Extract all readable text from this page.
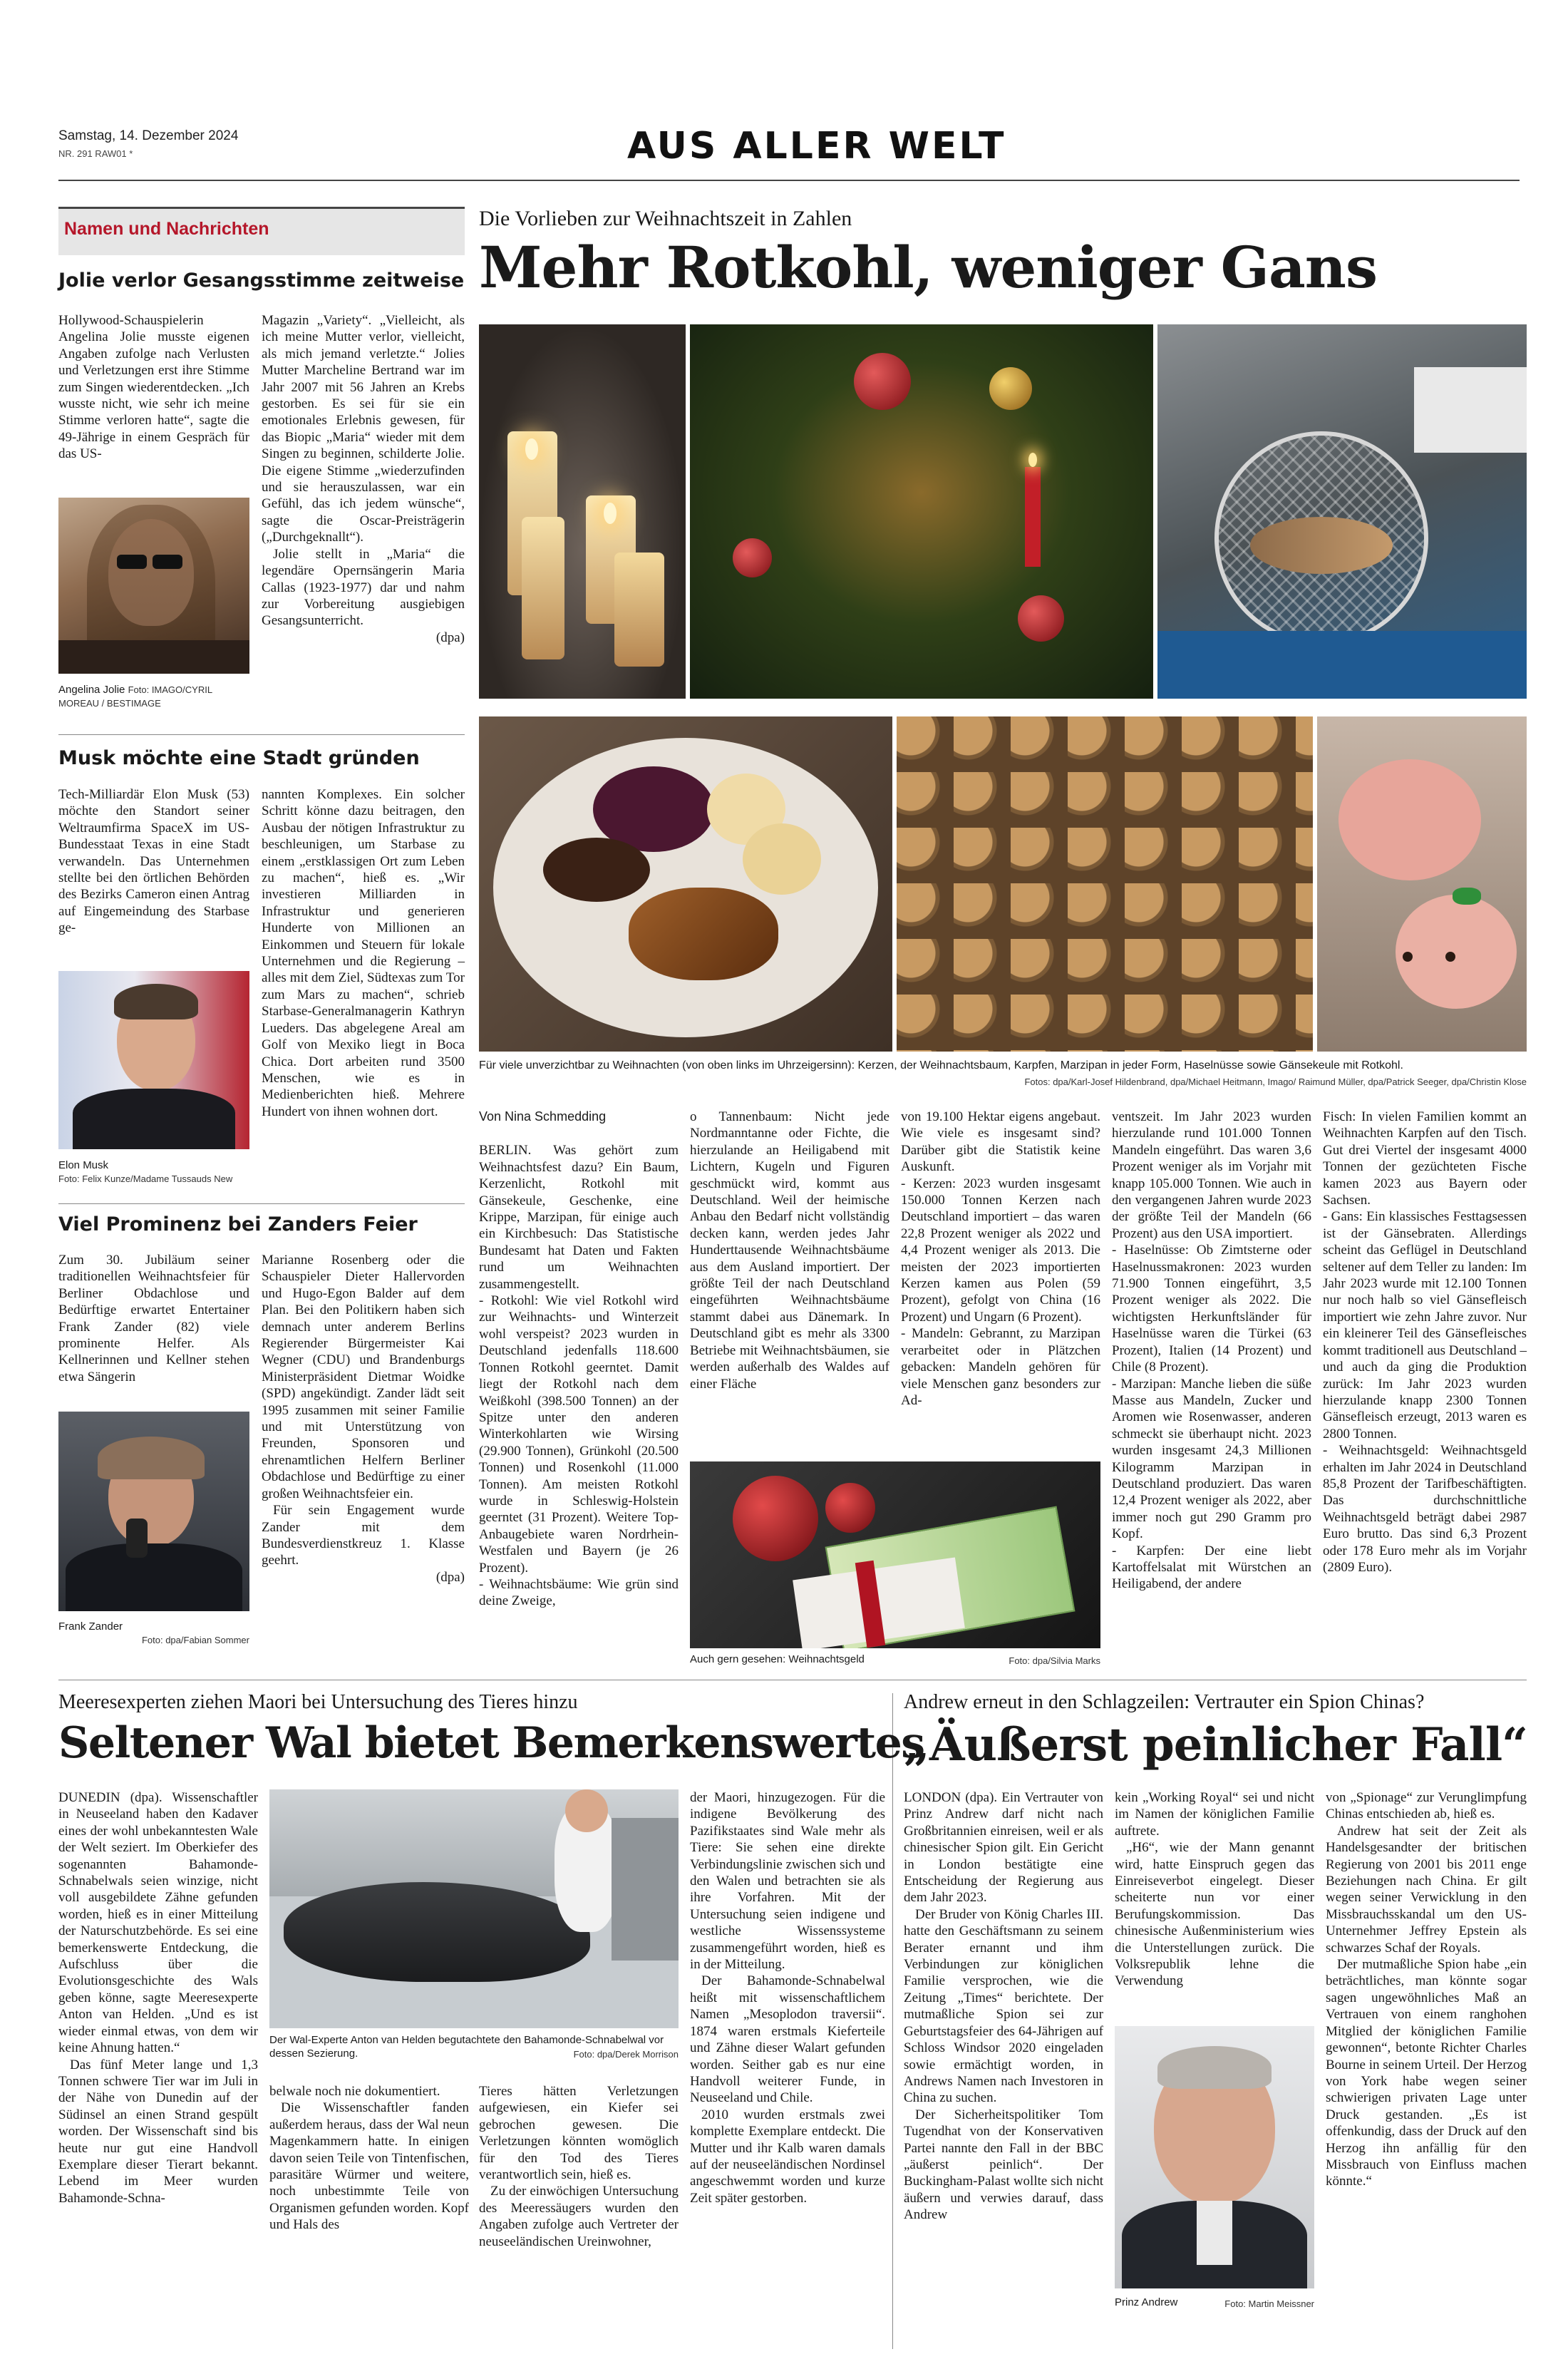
Samstag, 14. Dezember 2024
NR. 291 RAW01 *	AUS ALLER WELT
Namen und Nachrichten
Jolie verlor Gesangsstimme zeitweise
Hollywood-Schauspielerin Angelina Jolie musste eigenen Angaben zufolge nach Verlusten und Verletzungen erst ihre Stimme zum Singen wiederentdecken. „Ich wusste nicht, wie sehr ich meine Stimme verloren hatte“, sagte die 49-Jährige in einem Gespräch für das US-
Angelina Jolie Foto: IMAGO/CYRIL MOREAU / BESTIMAGE
Magazin „Variety“. „Vielleicht, als ich meine Mutter verlor, vielleicht, als mich jemand verletzte.“ Jolies Mutter Marcheline Bertrand war im Jahr 2007 mit 56 Jahren an Krebs gestorben. Es sei für sie ein emotionales Erlebnis gewesen, für das Biopic „Maria“ wieder mit dem Singen zu beginnen, schilderte Jolie. Die eigene Stimme „wiederzufinden und sie herauszulassen, war ein Gefühl, das ich jedem wünsche“, sagte die Oscar-Preisträgerin („Durchgeknallt“).
Jolie stellt in „Maria“ die legendäre Opernsängerin Maria Callas (1923-1977) dar und nahm zur Vorbereitung ausgiebigen Gesangsunterricht.
(dpa)
Musk möchte eine Stadt gründen
Tech-Milliardär Elon Musk (53) möchte den Standort seiner Weltraumfirma SpaceX im US-Bundesstaat Texas in eine Stadt verwandeln. Das Unternehmen stellte bei den örtlichen Behörden des Bezirks Cameron einen Antrag auf Eingemeindung des Starbase ge-
Elon Musk
Foto: Felix Kunze/Madame Tussauds New
nannten Komplexes. Ein solcher Schritt könne dazu beitragen, den Ausbau der nötigen Infrastruktur zu beschleunigen, um Starbase zu einem „erstklassigen Ort zum Leben zu machen“, hieß es. „Wir investieren Milliarden in Infrastruktur und generieren Hunderte von Millionen an Einkommen und Steuern für lokale Unternehmen und die Regierung – alles mit dem Ziel, Südtexas zum Tor zum Mars zu machen“, schrieb Starbase-Generalmanagerin Kathryn Lueders. Das abgelegene Areal am Golf von Mexiko liegt in Boca Chica. Dort arbeiten rund 3500 Menschen, wie es in Medienberichten hieß. Mehrere Hundert von ihnen wohnen dort.
Viel Prominenz bei Zanders Feier
Zum 30. Jubiläum seiner traditionellen Weihnachtsfeier für Berliner Obdachlose und Bedürftige erwartet Entertainer Frank Zander (82) viele prominente Helfer. Als Kellnerinnen und Kellner stehen etwa Sängerin
Frank Zander
Foto: dpa/Fabian Sommer
Marianne Rosenberg oder die Schauspieler Dieter Hallervorden und Hugo-Egon Balder auf dem Plan. Bei den Politikern haben sich demnach unter anderem Berlins Regierender Bürgermeister Kai Wegner (CDU) und Brandenburgs Ministerpräsident Dietmar Woidke (SPD) angekündigt. Zander lädt seit 1995 zusammen mit seiner Familie und mit Unterstützung von Freunden, Sponsoren und ehrenamtlichen Helfern Berliner Obdachlose und Bedürftige zu einer großen Weihnachtsfeier ein.
Für sein Engagement wurde Zander mit dem Bundesverdienstkreuz 1. Klasse geehrt.
(dpa)
Die Vorlieben zur Weihnachtszeit in Zahlen
Mehr Rotkohl, weniger Gans
Für viele unverzichtbar zu Weihnachten (von oben links im Uhrzeigersinn): Kerzen, der Weihnachtsbaum, Karpfen, Marzipan in jeder Form, Haselnüsse sowie Gänsekeule mit Rotkohl.
Fotos: dpa/Karl-Josef Hildenbrand, dpa/Michael Heitmann, Imago/ Raimund Müller, dpa/Patrick Seeger, dpa/Christin Klose
Von Nina Schmedding
BERLIN. Was gehört zum Weihnachtsfest dazu? Ein Baum, Kerzenlicht, Rotkohl mit Gänsekeule, Geschenke, eine Krippe, Marzipan, für einige auch ein Kirchbesuch: Das Statistische Bundesamt hat Daten und Fakten rund um Weihnachten zusammengestellt.
- Rotkohl: Wie viel Rotkohl wird zur Weihnachts- und Winterzeit wohl verspeist? 2023 wurden in Deutschland jedenfalls 118.600 Tonnen Rotkohl geerntet. Damit liegt der Rotkohl nach dem Weißkohl (398.500 Tonnen) an der Spitze unter den anderen Winterkohlarten wie Wirsing (29.900 Tonnen), Grünkohl (20.500 Tonnen) und Rosenkohl (11.000 Tonnen). Am meisten Rotkohl wurde in Schleswig-Holstein geerntet (31 Prozent). Weitere Top-Anbaugebiete waren Nordrhein-Westfalen und Bayern (je 26 Prozent).
- Weihnachtsbäume: Wie grün sind deine Zweige,
o Tannenbaum: Nicht jede Nordmanntanne oder Fichte, die hierzulande an Heiligabend mit Lichtern, Kugeln und Figuren geschmückt wird, kommt aus Deutschland. Weil der heimische Anbau den Bedarf nicht vollständig decken kann, werden jedes Jahr Hunderttausende Weihnachtsbäume aus dem Ausland importiert. Der größte Teil der nach Deutschland eingeführten Weihnachtsbäume stammt dabei aus Dänemark. In Deutschland gibt es mehr als 3300 Betriebe mit Weihnachtsbäumen, sie werden außerhalb des Waldes auf einer Fläche
von 19.100 Hektar eigens angebaut. Wie viele es insgesamt sind? Darüber gibt die Statistik keine Auskunft.
- Kerzen: 2023 wurden insgesamt 150.000 Tonnen Kerzen nach Deutschland importiert – das waren 22,8 Prozent weniger als 2022 und 4,4 Prozent weniger als 2013. Die meisten der 2023 importierten Kerzen kamen aus Polen (59 Prozent), gefolgt von China (16 Prozent) und Ungarn (6 Prozent).
- Mandeln: Gebrannt, zu Marzipan verarbeitet oder in Plätzchen gebacken: Mandeln gehören für viele Menschen ganz besonders zur Ad-
ventszeit. Im Jahr 2023 wurden hierzulande rund 101.000 Tonnen Mandeln eingeführt. Das waren 3,6 Prozent weniger als im Vorjahr mit knapp 105.000 Tonnen. Wie auch in den vergangenen Jahren wurde 2023 der größte Teil der Mandeln (66 Prozent) aus den USA importiert.
- Haselnüsse: Ob Zimtsterne oder Haselnussmakronen: 2023 wurden 71.900 Tonnen eingeführt, 3,5 Prozent weniger als 2022. Die wichtigsten Herkunftsländer für Haselnüsse waren die Türkei (63 Prozent), Italien (14 Prozent) und Chile (8 Prozent).
- Marzipan: Manche lieben die süße Masse aus Mandeln, Zucker und Aromen wie Rosenwasser, anderen schmeckt sie überhaupt nicht. 2023 wurden insgesamt 24,3 Millionen Kilogramm Marzipan in Deutschland produziert. Das waren 12,4 Prozent weniger als 2022, aber immer noch gut 290 Gramm pro Kopf.
- Karpfen: Der eine liebt Kartoffelsalat mit Würstchen an Heiligabend, der andere
Fisch: In vielen Familien kommt an Weihnachten Karpfen auf den Tisch. Gut drei Viertel der insgesamt 4000 Tonnen der gezüchteten Fische kamen 2023 aus Bayern oder Sachsen.
- Gans: Ein klassisches Festtagsessen ist der Gänsebraten. Allerdings scheint das Geflügel in Deutschland seltener auf dem Teller zu landen: Im Jahr 2023 wurde mit 12.100 Tonnen nur noch halb so viel Gänsefleisch importiert wie zehn Jahre zuvor. Nur ein kleinerer Teil des Gänsefleisches kommt traditionell aus Deutschland – und auch da ging die Produktion zurück: Im Jahr 2023 wurden hierzulande knapp 2300 Tonnen Gänsefleisch erzeugt, 2013 waren es 2800 Tonnen.
- Weihnachtsgeld: Weihnachtsgeld erhalten im Jahr 2024 in Deutschland 85,8 Prozent der Tarifbeschäftigten. Das durchschnittliche Weihnachtsgeld beträgt dabei 2987 Euro brutto. Das sind 6,3 Prozent oder 178 Euro mehr als im Vorjahr (2809 Euro).
Auch gern gesehen: Weihnachtsgeld	Foto: dpa/Silvia Marks
Meeresexperten ziehen Maori bei Untersuchung des Tieres hinzu
Seltener Wal bietet Bemerkenswertes
DUNEDIN (dpa). Wissenschaftler in Neuseeland haben den Kadaver eines der wohl unbekanntesten Wale der Welt seziert. Im Oberkiefer des sogenannten Bahamonde-Schnabelwals seien winzige, nicht voll ausgebildete Zähne gefunden worden, hieß es in einer Mitteilung der Naturschutzbehörde. Es sei eine bemerkenswerte Entdeckung, die Aufschluss über die Evolutionsgeschichte des Wals geben könne, sagte Meeresexperte Anton van Helden. „Und es ist wieder einmal etwas, von dem wir keine Ahnung hatten.“
Das fünf Meter lange und 1,3 Tonnen schwere Tier war im Juli in der Nähe von Dunedin auf der Südinsel an einen Strand gespült worden. Der Wissenschaft sind bis heute nur gut eine Handvoll Exemplare dieser Tierart bekannt. Lebend im Meer wurden Bahamonde-Schna-
Der Wal-Experte Anton van Helden begutachtete den Bahamonde-Schnabelwal vor dessen Sezierung.	Foto: dpa/Derek Morrison
belwale noch nie dokumentiert.
Die Wissenschaftler fanden außerdem heraus, dass der Wal neun Magenkammern hatte. In einigen davon seien Teile von Tintenfischen, parasitäre Würmer und weitere, noch unbestimmte Teile von Organismen gefunden worden. Kopf und Hals des
Tieres hätten Verletzungen aufgewiesen, ein Kiefer sei gebrochen gewesen. Die Verletzungen könnten womöglich für den Tod des Tieres verantwortlich sein, hieß es.
Zu der einwöchigen Untersuchung des Meeressäugers wurden den Angaben zufolge auch Vertreter der neuseeländischen Ureinwohner,
der Maori, hinzugezogen. Für die indigene Bevölkerung des Pazifikstaates sind Wale mehr als Tiere: Sie sehen eine direkte Verbindungslinie zwischen sich und den Walen und betrachten sie als ihre Vorfahren. Mit der Untersuchung seien indigene und westliche Wissenssysteme zusammengeführt worden, hieß es in der Mitteilung.
Der Bahamonde-Schnabelwal heißt mit wissenschaftlichem Namen „Mesoplodon traversii“. 1874 waren erstmals Kieferteile und Zähne dieser Walart gefunden worden. Seither gab es nur eine Handvoll weiterer Funde, in Neuseeland und Chile.
2010 wurden erstmals zwei komplette Exemplare entdeckt. Die Mutter und ihr Kalb waren damals auf der neuseeländischen Nordinsel angeschwemmt worden und kurze Zeit später gestorben.
Andrew erneut in den Schlagzeilen: Vertrauter ein Spion Chinas?
„Äußerst peinlicher Fall“
LONDON (dpa). Ein Vertrauter von Prinz Andrew darf nicht nach Großbritannien einreisen, weil er als chinesischer Spion gilt. Ein Gericht in London bestätigte eine Entscheidung der Regierung aus dem Jahr 2023.
Der Bruder von König Charles III. hatte den Geschäftsmann zu seinem Berater ernannt und ihm Verbindungen zur königlichen Familie versprochen, wie die Zeitung „Times“ berichtete. Der mutmaßliche Spion sei zur Geburtstagsfeier des 64-Jährigen auf Schloss Windsor 2020 eingeladen sowie ermächtigt worden, in Andrews Namen nach Investoren in China zu suchen.
Der Sicherheitspolitiker Tom Tugendhat von der Konservativen Partei nannte den Fall in der BBC „äußerst peinlich“. Der Buckingham-Palast wollte sich nicht äußern und verwies darauf, dass Andrew
kein „Working Royal“ sei und nicht im Namen der königlichen Familie auftrete.
„H6“, wie der Mann genannt wird, hatte Einspruch gegen das Einreiseverbot eingelegt. Dieser scheiterte nun vor einer Berufungskommission. Das chinesische Außenministerium wies die Unterstellungen zurück. Die Volksrepublik lehne die Verwendung
Prinz Andrew	Foto: Martin Meissner
von „Spionage“ zur Verunglimpfung Chinas entschieden ab, hieß es.
Andrew hat seit der Zeit als Handelsgesandter der britischen Regierung von 2001 bis 2011 enge Beziehungen nach China. Er gilt wegen seiner Verwicklung in den Missbrauchsskandal um den US-Unternehmer Jeffrey Epstein als schwarzes Schaf der Royals.
Der mutmaßliche Spion habe „ein beträchtliches, man könnte sogar sagen ungewöhnliches Maß an Vertrauen von einem ranghohen Mitglied der königlichen Familie gewonnen“, betonte Richter Charles Bourne in seinem Urteil. Der Herzog von York habe wegen seiner schwierigen privaten Lage unter Druck gestanden. „Es ist offenkundig, dass der Druck auf den Herzog ihn anfällig für den Missbrauch von Einfluss machen könnte.“
